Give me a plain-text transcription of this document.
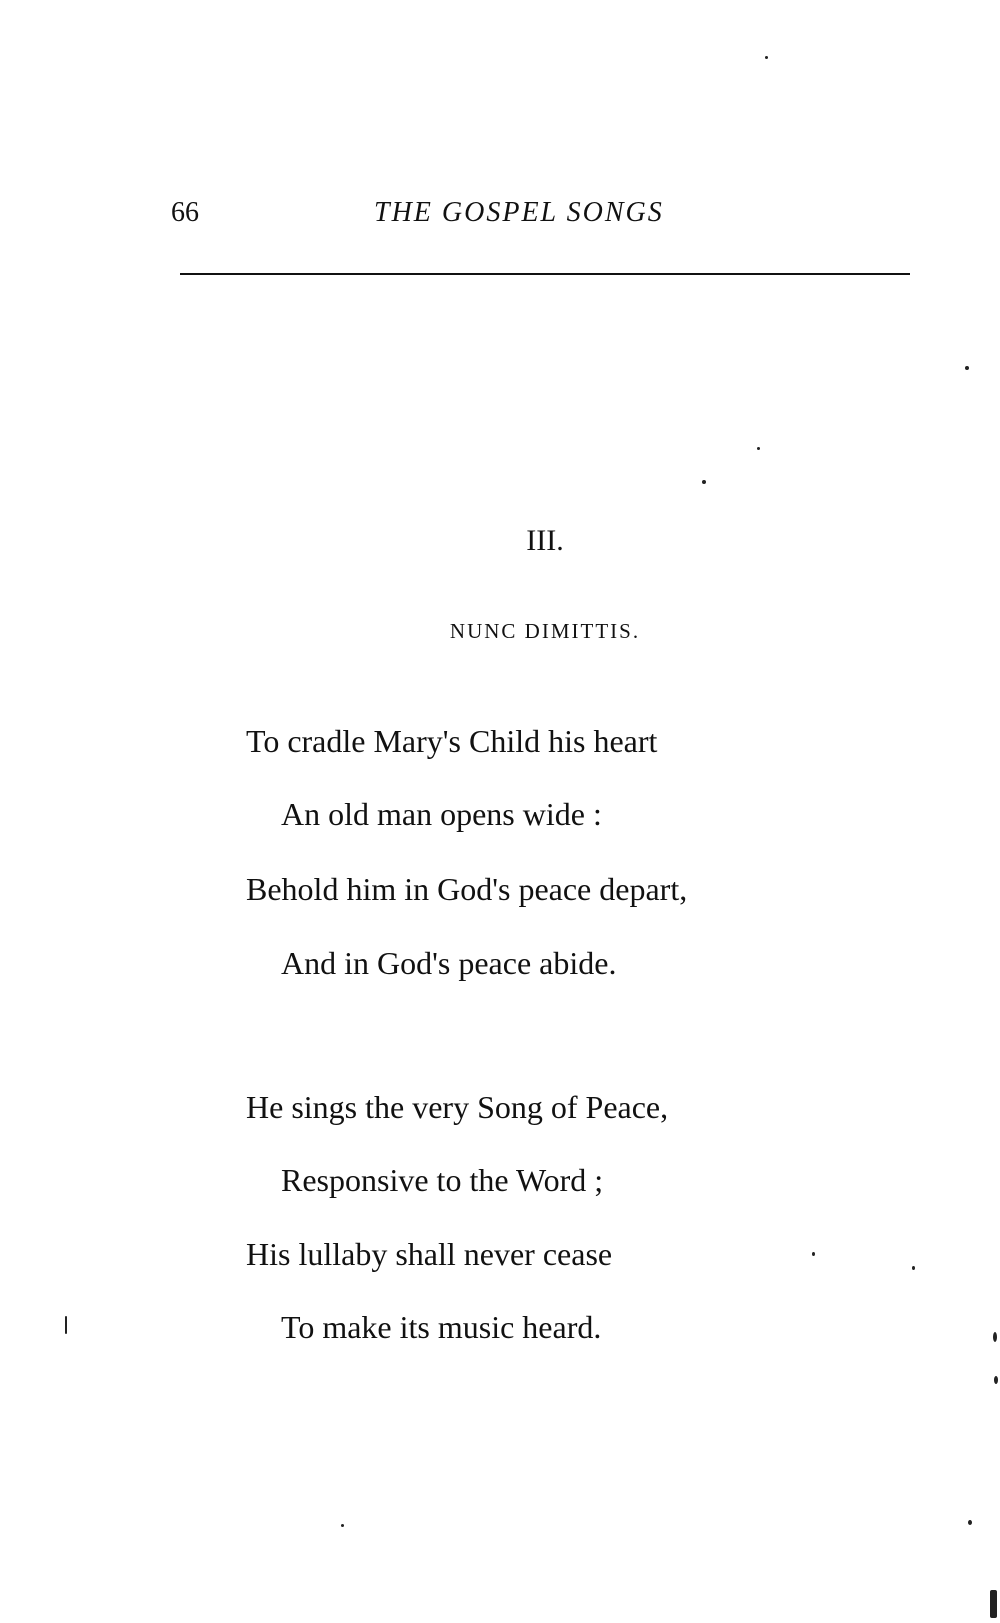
66	THE GOSPEL SONGS
III.
NUNC DIMITTIS.
To cradle Mary's Child his heart
An old man opens wide :
Behold him in God's peace depart,
And in God's peace abide.
He sings the very Song of Peace,
Responsive to the Word ;
His lullaby shall never cease
To make its music heard.
